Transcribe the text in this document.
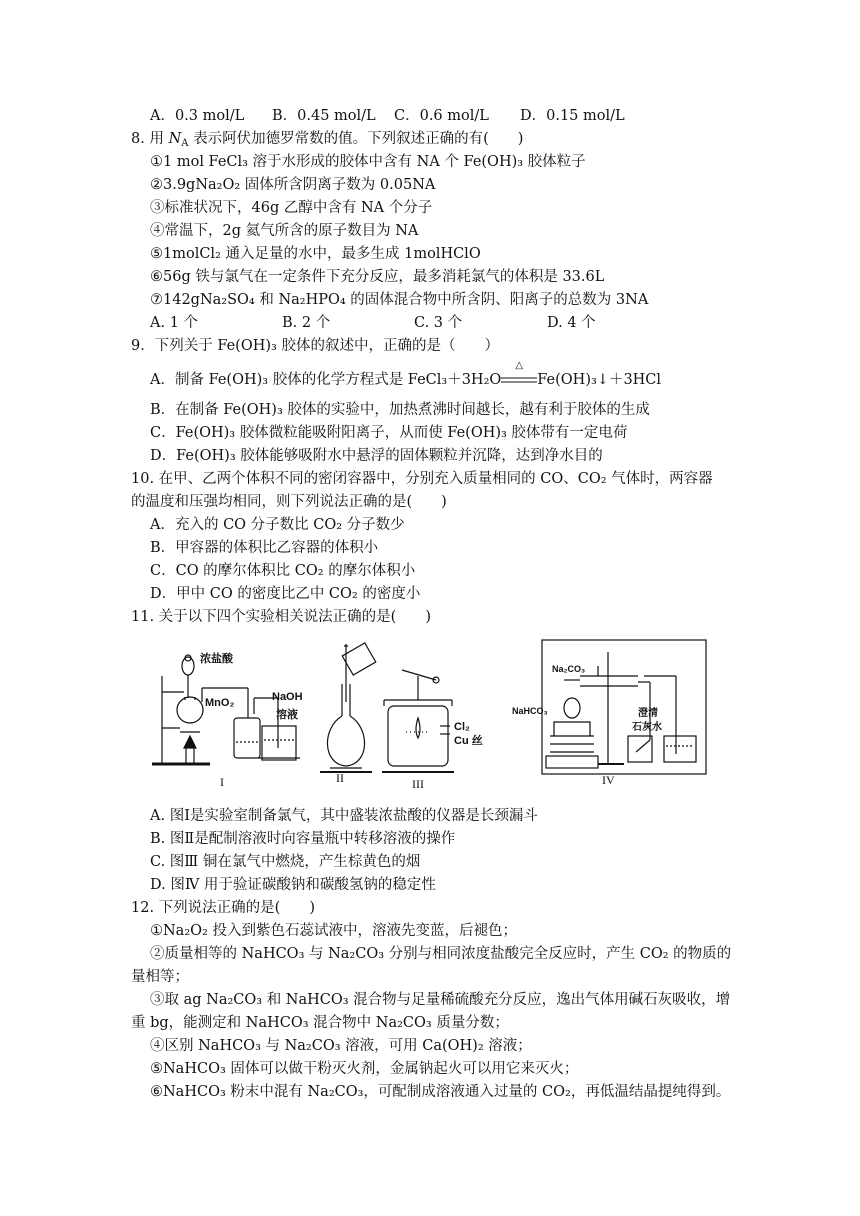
A．0.3 mol/L B．0.45 mol/L C．0.6 mol/L D．0.15 mol/L
8. 用 $N_A$ 表示阿伏加德罗常数的值。下列叙述正确的有(　　)
①1 mol FeCl₃ 溶于水形成的胶体中含有 NA 个 Fe(OH)₃ 胶体粒子
②3.9gNa₂O₂ 固体所含阴离子数为 0.05NA
③标准状况下，46g 乙醇中含有 NA 个分子
④常温下，2g 氦气所含的原子数目为 NA
⑤1molCl₂ 通入足量的水中，最多生成 1molHClO
⑥56g 铁与氯气在一定条件下充分反应，最多消耗氯气的体积是 33.6L
⑦142gNa₂SO₄ 和 Na₂HPO₄ 的固体混合物中所含阴、阳离子的总数为 3NA
A. 1 个	B. 2 个	C. 3 个	D. 4 个
9．下列关于 Fe(OH)₃ 胶体的叙述中，正确的是（　　）
A．制备 Fe(OH)₃ 胶体的化学方程式是 FeCl₃＋3H₂O
△
Fe(OH)₃↓＋3HCl
B．在制备 Fe(OH)₃ 胶体的实验中，加热煮沸时间越长，越有利于胶体的生成
C．Fe(OH)₃ 胶体微粒能吸附阳离子，从而使 Fe(OH)₃ 胶体带有一定电荷
D．Fe(OH)₃ 胶体能够吸附水中悬浮的固体颗粒并沉降，达到净水目的
10. 在甲、乙两个体积不同的密闭容器中，分别充入质量相同的 CO、CO₂ 气体时，两容器
的温度和压强均相同，则下列说法正确的是(　　)
A．充入的 CO 分子数比 CO₂ 分子数少
B．甲容器的体积比乙容器的体积小
C．CO 的摩尔体积比 CO₂ 的摩尔体积小
D．甲中 CO 的密度比乙中 CO₂ 的密度小
11. 关于以下四个实验相关说法正确的是(　　)
浓盐酸
MnO₂	NaOH
溶液
I	II
Cl₂
Cu 丝
III
Na₂CO₃
NaHCO₃	澄清
石灰水
IV
A. 图Ⅰ是实验室制备氯气，其中盛装浓盐酸的仪器是长颈漏斗
B. 图Ⅱ是配制溶液时向容量瓶中转移溶液的操作
C. 图Ⅲ 铜在氯气中燃烧，产生棕黄色的烟
D. 图Ⅳ 用于验证碳酸钠和碳酸氢钠的稳定性
12. 下列说法正确的是(　　)
①Na₂O₂ 投入到紫色石蕊试液中，溶液先变蓝，后褪色；
②质量相等的 NaHCO₃ 与 Na₂CO₃ 分别与相同浓度盐酸完全反应时，产生 CO₂ 的物质的
量相等；
③取 ag Na₂CO₃ 和 NaHCO₃ 混合物与足量稀硫酸充分反应，逸出气体用碱石灰吸收，增
重 bg，能测定和 NaHCO₃ 混合物中 Na₂CO₃ 质量分数；
④区别 NaHCO₃ 与 Na₂CO₃ 溶液，可用 Ca(OH)₂ 溶液；
⑤NaHCO₃ 固体可以做干粉灭火剂，金属钠起火可以用它来灭火；
⑥NaHCO₃ 粉末中混有 Na₂CO₃，可配制成溶液通入过量的 CO₂，再低温结晶提纯得到。
